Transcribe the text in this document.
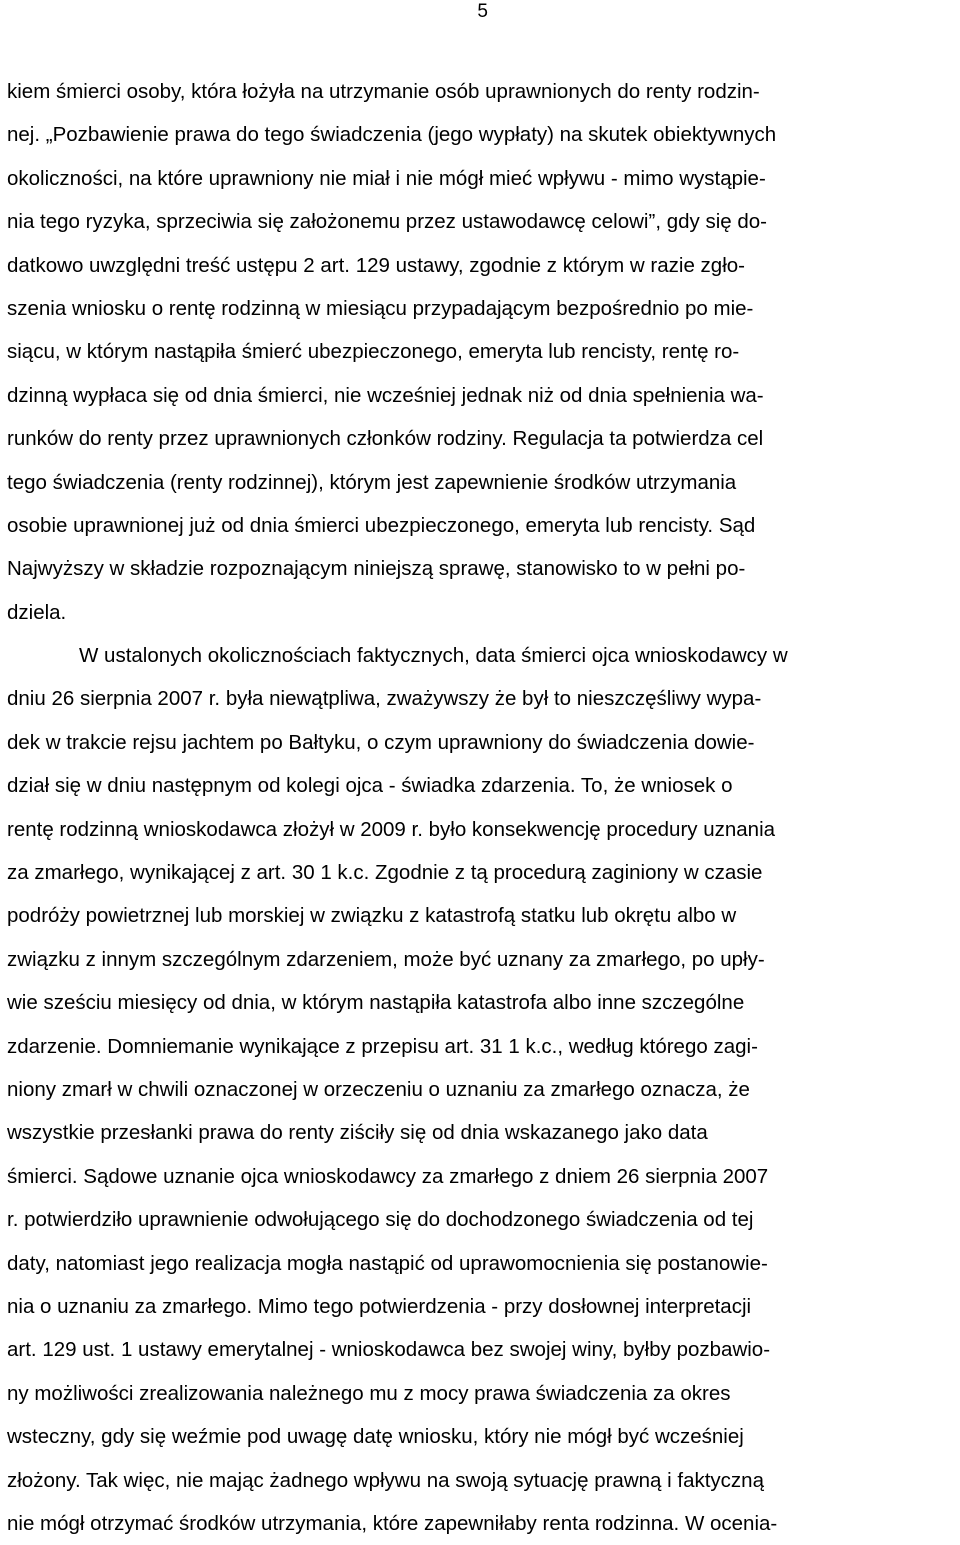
5
kiem śmierci osoby, która łożyła na utrzymanie osób uprawnionych do renty rodzin-
nej. „Pozbawienie prawa do tego świadczenia (jego wypłaty) na skutek obiektywnych
okoliczności, na które uprawniony nie miał i nie mógł mieć wpływu - mimo wystąpie-
nia tego ryzyka, sprzeciwia się założonemu przez ustawodawcę celowi”, gdy się do-
datkowo uwzględni treść ustępu 2 art. 129 ustawy, zgodnie z którym w razie zgło-
szenia wniosku o rentę rodzinną w miesiącu przypadającym bezpośrednio po mie-
siącu, w którym nastąpiła śmierć ubezpieczonego, emeryta lub rencisty, rentę ro-
dzinną wypłaca się od dnia śmierci, nie wcześniej jednak niż od dnia spełnienia wa-
runków do renty przez uprawnionych członków rodziny. Regulacja ta potwierdza cel
tego świadczenia (renty rodzinnej), którym jest zapewnienie środków utrzymania
osobie uprawnionej już od dnia śmierci ubezpieczonego, emeryta lub rencisty. Sąd
Najwyższy w składzie rozpoznającym niniejszą sprawę, stanowisko to w pełni po-
dziela.
W ustalonych okolicznościach faktycznych, data śmierci ojca wnioskodawcy w
dniu 26 sierpnia 2007 r. była niewątpliwa, zważywszy że był to nieszczęśliwy wypa-
dek w trakcie rejsu jachtem po Bałtyku, o czym uprawniony do świadczenia dowie-
dział się w dniu następnym od kolegi ojca - świadka zdarzenia. To, że wniosek o
rentę rodzinną wnioskodawca złożył w 2009 r. było konsekwencję procedury uznania
za zmarłego, wynikającej z art. 30 1 k.c. Zgodnie z tą procedurą zaginiony w czasie
podróży powietrznej lub morskiej w związku z katastrofą statku lub okrętu albo w
związku z innym szczególnym zdarzeniem, może być uznany za zmarłego, po upły-
wie sześciu miesięcy od dnia, w którym nastąpiła katastrofa albo inne szczególne
zdarzenie. Domniemanie wynikające z przepisu art. 31 1 k.c., według którego zagi-
niony zmarł w chwili oznaczonej w orzeczeniu o uznaniu za zmarłego oznacza, że
wszystkie przesłanki prawa do renty ziściły się od dnia wskazanego jako data
śmierci. Sądowe uznanie ojca wnioskodawcy za zmarłego z dniem 26 sierpnia 2007
r. potwierdziło uprawnienie odwołującego się do dochodzonego świadczenia od tej
daty, natomiast jego realizacja mogła nastąpić od uprawomocnienia się postanowie-
nia o uznaniu za zmarłego. Mimo tego potwierdzenia - przy dosłownej interpretacji
art. 129 ust. 1 ustawy emerytalnej - wnioskodawca bez swojej winy, byłby pozbawio-
ny możliwości zrealizowania należnego mu z mocy prawa świadczenia za okres
wsteczny, gdy się weźmie pod uwagę datę wniosku, który nie mógł być wcześniej
złożony. Tak więc, nie mając żadnego wpływu na swoją sytuację prawną i faktyczną
nie mógł otrzymać środków utrzymania, które zapewniłaby renta rodzinna. W ocenia-
